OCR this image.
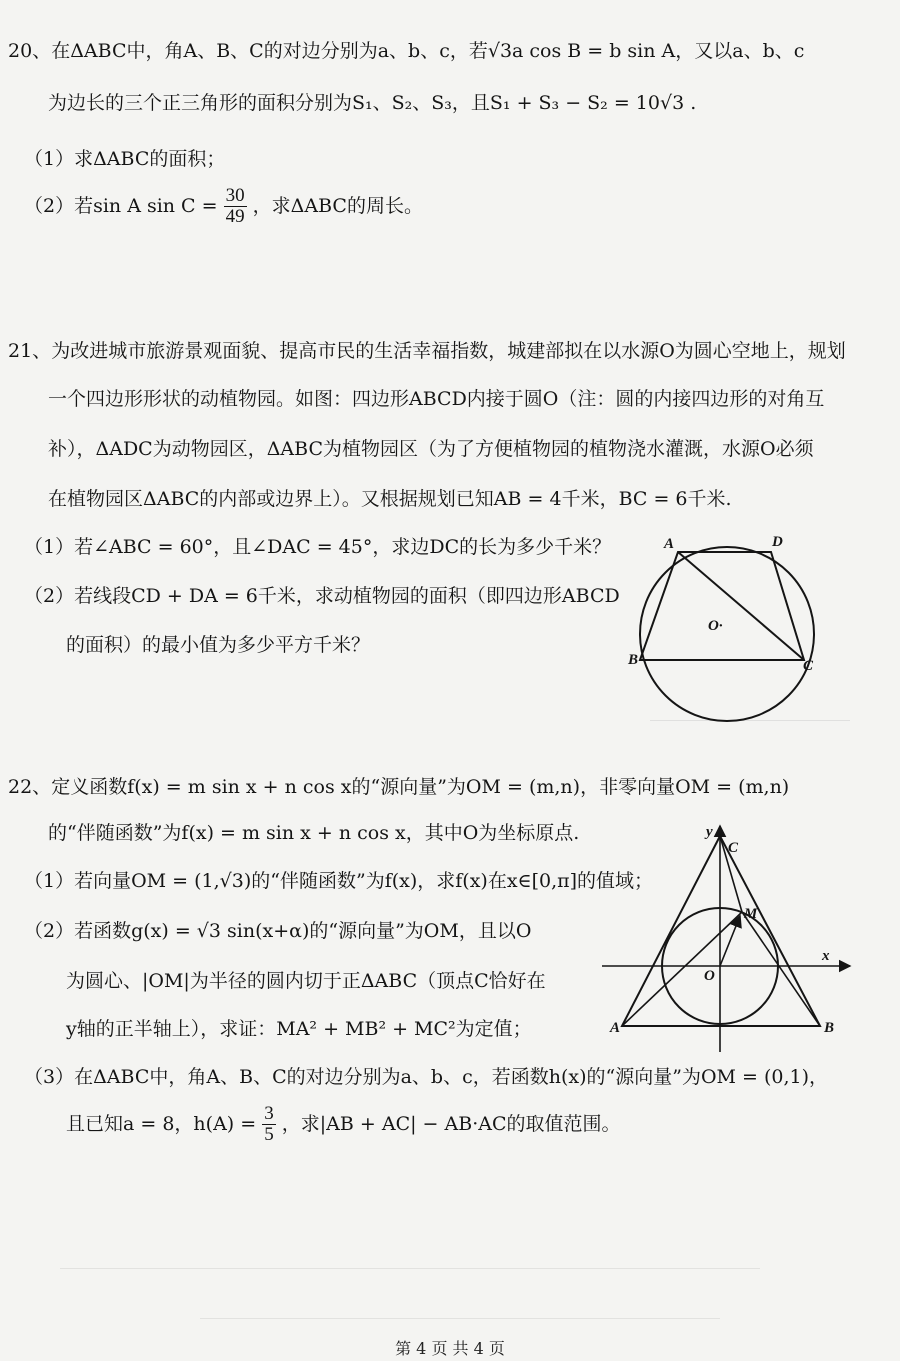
20、在ΔABC中，角A、B、C的对边分别为a、b、c，若√3a cos B = b sin A，又以a、b、c
为边长的三个正三角形的面积分别为S₁、S₂、S₃，且S₁ + S₃ − S₂ = 10√3 .
（1）求ΔABC的面积；
（2）若sin A $\sin C = \frac{30}{49}$ ，求ΔABC的周长。
21、为改进城市旅游景观面貌、提高市民的生活幸福指数，城建部拟在以水源O为圆心空地上，规划
一个四边形形状的动植物园。如图：四边形ABCD内接于圆O（注：圆的内接四边形的对角互
补），ΔADC为动物园区，ΔABC为植物园区（为了方便植物园的植物浇水灌溉，水源O必须
在植物园区ΔABC的内部或边界上）。又根据规划已知AB = 4千米，BC = 6千米.
（1）若∠ABC = 60°，且∠DAC = 45°，求边DC的长为多少千米？
（2）若线段CD + DA = 6千米，求动植物园的面积（即四边形ABCD
的面积）的最小值为多少平方千米？
A	D
B	C
O·
22、定义函数f(x) = m sin x + n cos x的“源向量”为OM = (m,n)，非零向量OM = (m,n)
的“伴随函数”为f(x) = m sin x + n cos x，其中O为坐标原点.
（1）若向量OM = (1,√3)的“伴随函数”为f(x)，求f(x)在x∈[0,π]的值域；
（2）若函数g(x) = √3 sin(x+α)的“源向量”为OM，且以O
为圆心、|OM|为半径的圆内切于正ΔABC（顶点C恰好在
y轴的正半轴上），求证：MA² + MB² + MC²为定值；
（3）在ΔABC中，角A、B、C的对边分别为a、b、c，若函数h(x)的“源向量”为OM = (0,1)，
且已知a = 8，$h(A) = \frac{3}{5}$ ，求|AB + AC| − AB·AC的取值范围。
y
C
M
x
O
A	B
第 4 页 共 4 页
